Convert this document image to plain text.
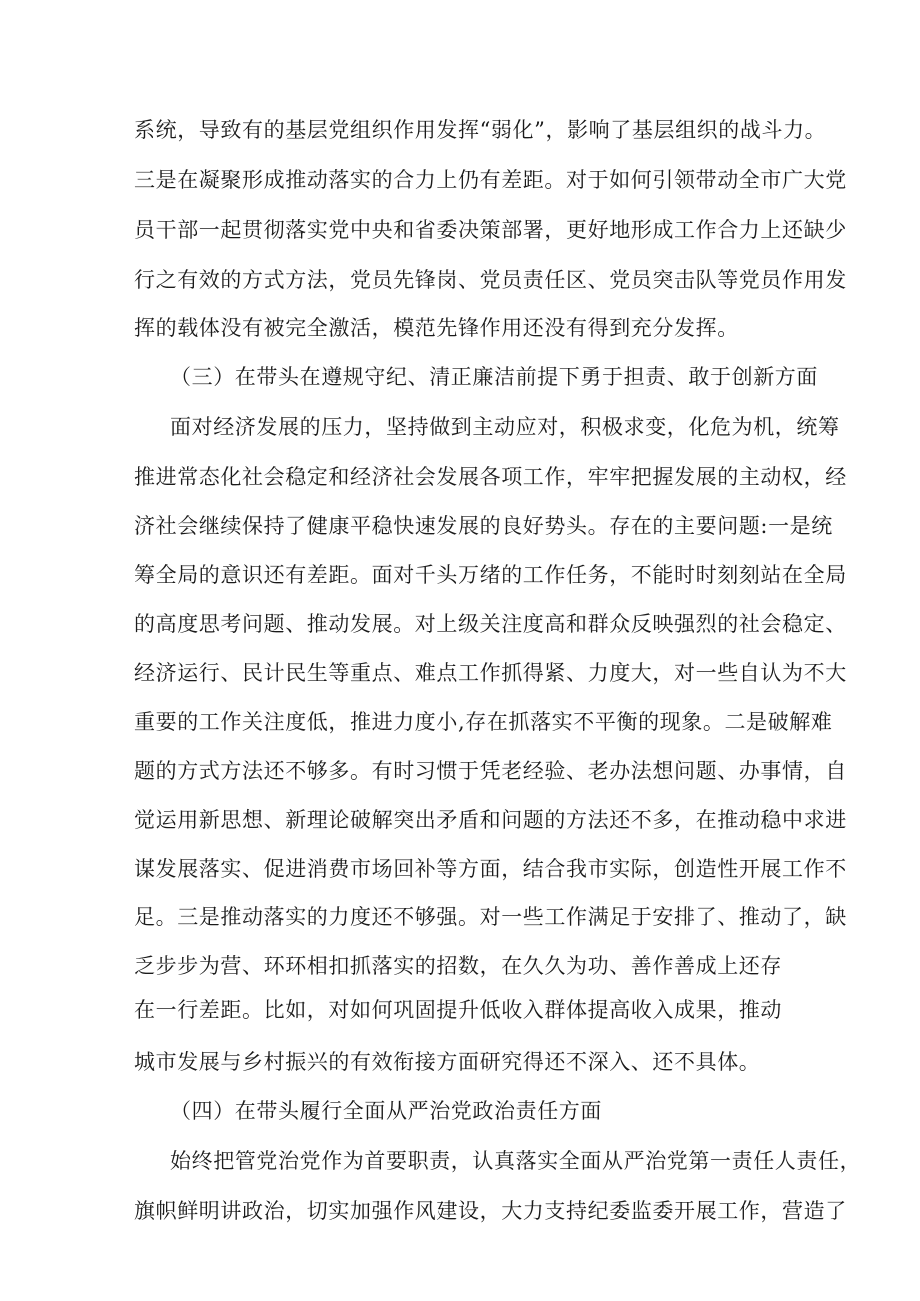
系统，导致有的基层党组织作用发挥“弱化”，影响了基层组织的战斗力。
三是在凝聚形成推动落实的合力上仍有差距。对于如何引领带动全市广大党
员干部一起贯彻落实党中央和省委决策部署，更好地形成工作合力上还缺少
行之有效的方式方法，党员先锋岗、党员责任区、党员突击队等党员作用发
挥的载体没有被完全激活，模范先锋作用还没有得到充分发挥。
（三）在带头在遵规守纪、清正廉洁前提下勇于担责、敢于创新方面
面对经济发展的压力，坚持做到主动应对，积极求变，化危为机，统筹
推进常态化社会稳定和经济社会发展各项工作，牢牢把握发展的主动权，经
济社会继续保持了健康平稳快速发展的良好势头。存在的主要问题:一是统
筹全局的意识还有差距。面对千头万绪的工作任务，不能时时刻刻站在全局
的高度思考问题、推动发展。对上级关注度高和群众反映强烈的社会稳定、
经济运行、民计民生等重点、难点工作抓得紧、力度大，对一些自认为不大
重要的工作关注度低，推进力度小,存在抓落实不平衡的现象。二是破解难
题的方式方法还不够多。有时习惯于凭老经验、老办法想问题、办事情，自
觉运用新思想、新理论破解突出矛盾和问题的方法还不多，在推动稳中求进
谋发展落实、促进消费市场回补等方面，结合我市实际，创造性开展工作不
足。三是推动落实的力度还不够强。对一些工作满足于安排了、推动了，缺
乏步步为营、环环相扣抓落实的招数，在久久为功、善作善成上还存
在一行差距。比如，对如何巩固提升低收入群体提高收入成果，推动
城市发展与乡村振兴的有效衔接方面研究得还不深入、还不具体。
（四）在带头履行全面从严治党政治责任方面
始终把管党治党作为首要职责，认真落实全面从严治党第一责任人责任，
旗帜鲜明讲政治，切实加强作风建设，大力支持纪委监委开展工作，营造了
